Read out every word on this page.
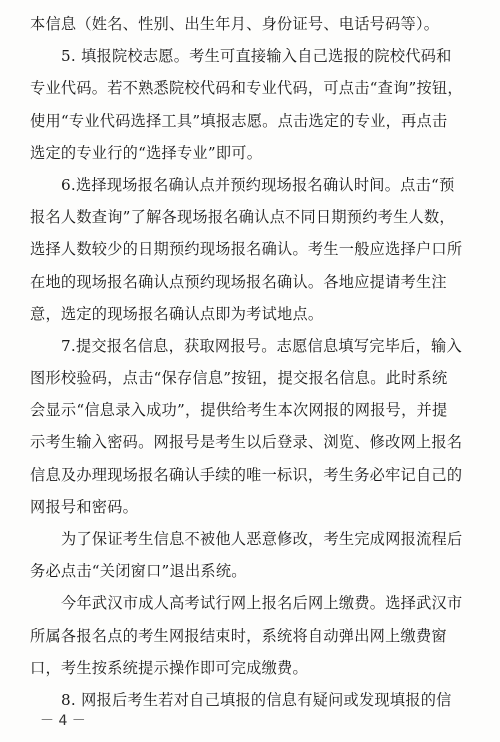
本信息（姓名、性别、出生年月、身份证号、电话号码等）。
5. 填报院校志愿。考生可直接输入自己选报的院校代码和
专业代码。若不熟悉院校代码和专业代码，可点击“查询”按钮，
使用“专业代码选择工具”填报志愿。点击选定的专业，再点击
选定的专业行的“选择专业”即可。
6.选择现场报名确认点并预约现场报名确认时间。点击“预
报名人数查询”了解各现场报名确认点不同日期预约考生人数，
选择人数较少的日期预约现场报名确认。考生一般应选择户口所
在地的现场报名确认点预约现场报名确认。各地应提请考生注
意，选定的现场报名确认点即为考试地点。
7.提交报名信息，获取网报号。志愿信息填写完毕后，输入
图形校验码，点击“保存信息”按钮，提交报名信息。此时系统
会显示“信息录入成功”，提供给考生本次网报的网报号，并提
示考生输入密码。网报号是考生以后登录、浏览、修改网上报名
信息及办理现场报名确认手续的唯一标识，考生务必牢记自己的
网报号和密码。
为了保证考生信息不被他人恶意修改，考生完成网报流程后
务必点击“关闭窗口”退出系统。
今年武汉市成人高考试行网上报名后网上缴费。选择武汉市
所属各报名点的考生网报结束时，系统将自动弹出网上缴费窗
口，考生按系统提示操作即可完成缴费。
8. 网报后考生若对自己填报的信息有疑问或发现填报的信
－ 4 －
